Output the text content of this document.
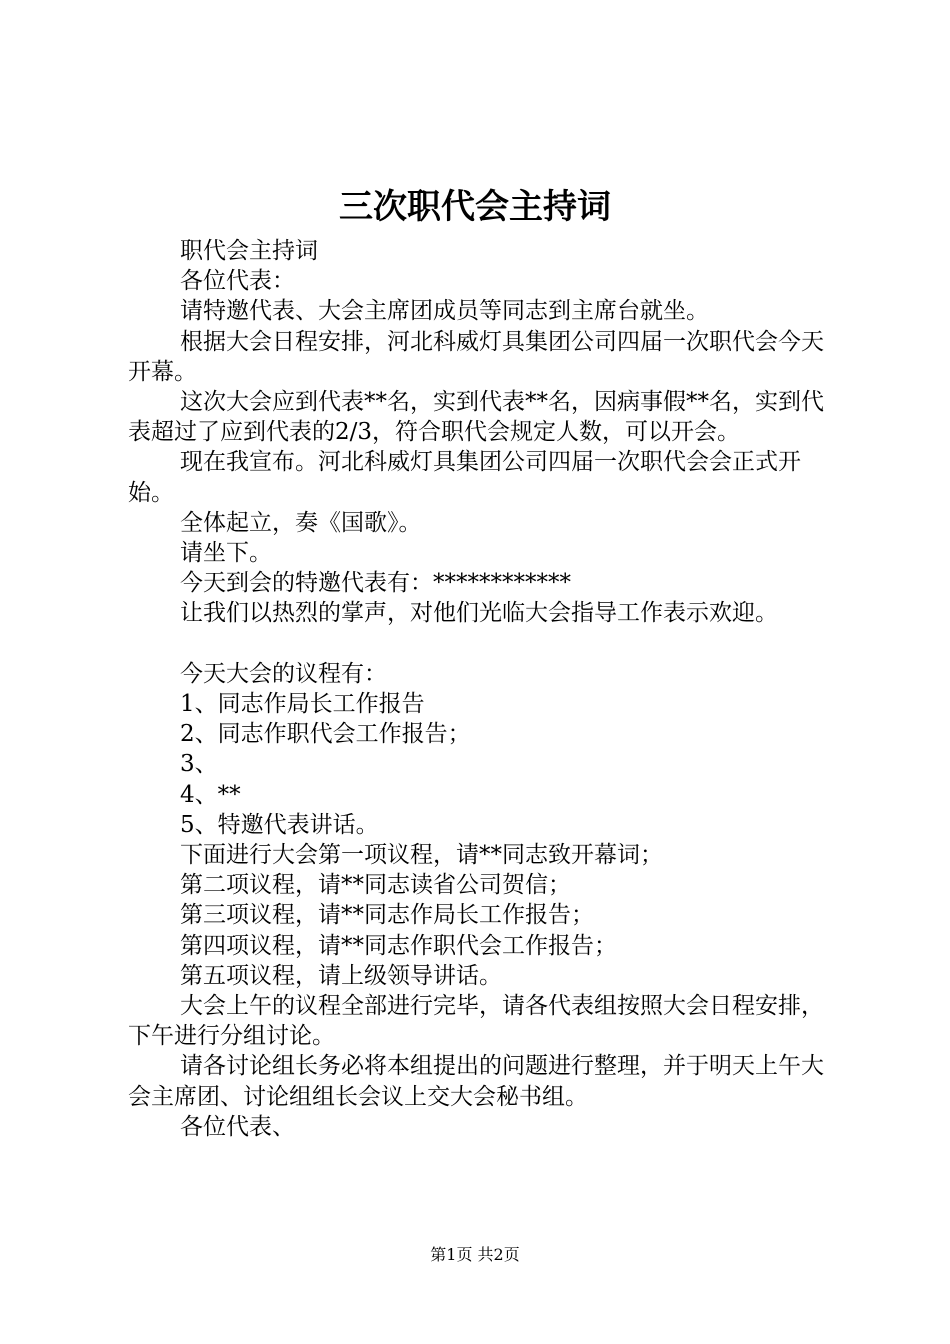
三次职代会主持词

职代会主持词

各位代表：

请特邀代表、大会主席团成员等同志到主席台就坐。

根据大会日程安排，河北科威灯具集团公司四届一次职代会今天开幕。

这次大会应到代表**名，实到代表**名，因病事假**名，实到代表超过了应到代表的2/3，符合职代会规定人数，可以开会。

现在我宣布。河北科威灯具集团公司四届一次职代会会正式开始。

全体起立，奏《国歌》。

请坐下。

今天到会的特邀代表有：************

让我们以热烈的掌声，对他们光临大会指导工作表示欢迎。

今天大会的议程有：

1、同志作局长工作报告

2、同志作职代会工作报告；

3、

4、**

5、特邀代表讲话。

下面进行大会第一项议程，请**同志致开幕词；

第二项议程，请**同志读省公司贺信；

第三项议程，请**同志作局长工作报告；

第四项议程，请**同志作职代会工作报告；

第五项议程，请上级领导讲话。

大会上午的议程全部进行完毕，请各代表组按照大会日程安排，下午进行分组讨论。

请各讨论组长务必将本组提出的问题进行整理，并于明天上午大会主席团、讨论组组长会议上交大会秘书组。

各位代表、

第1页 共2页
